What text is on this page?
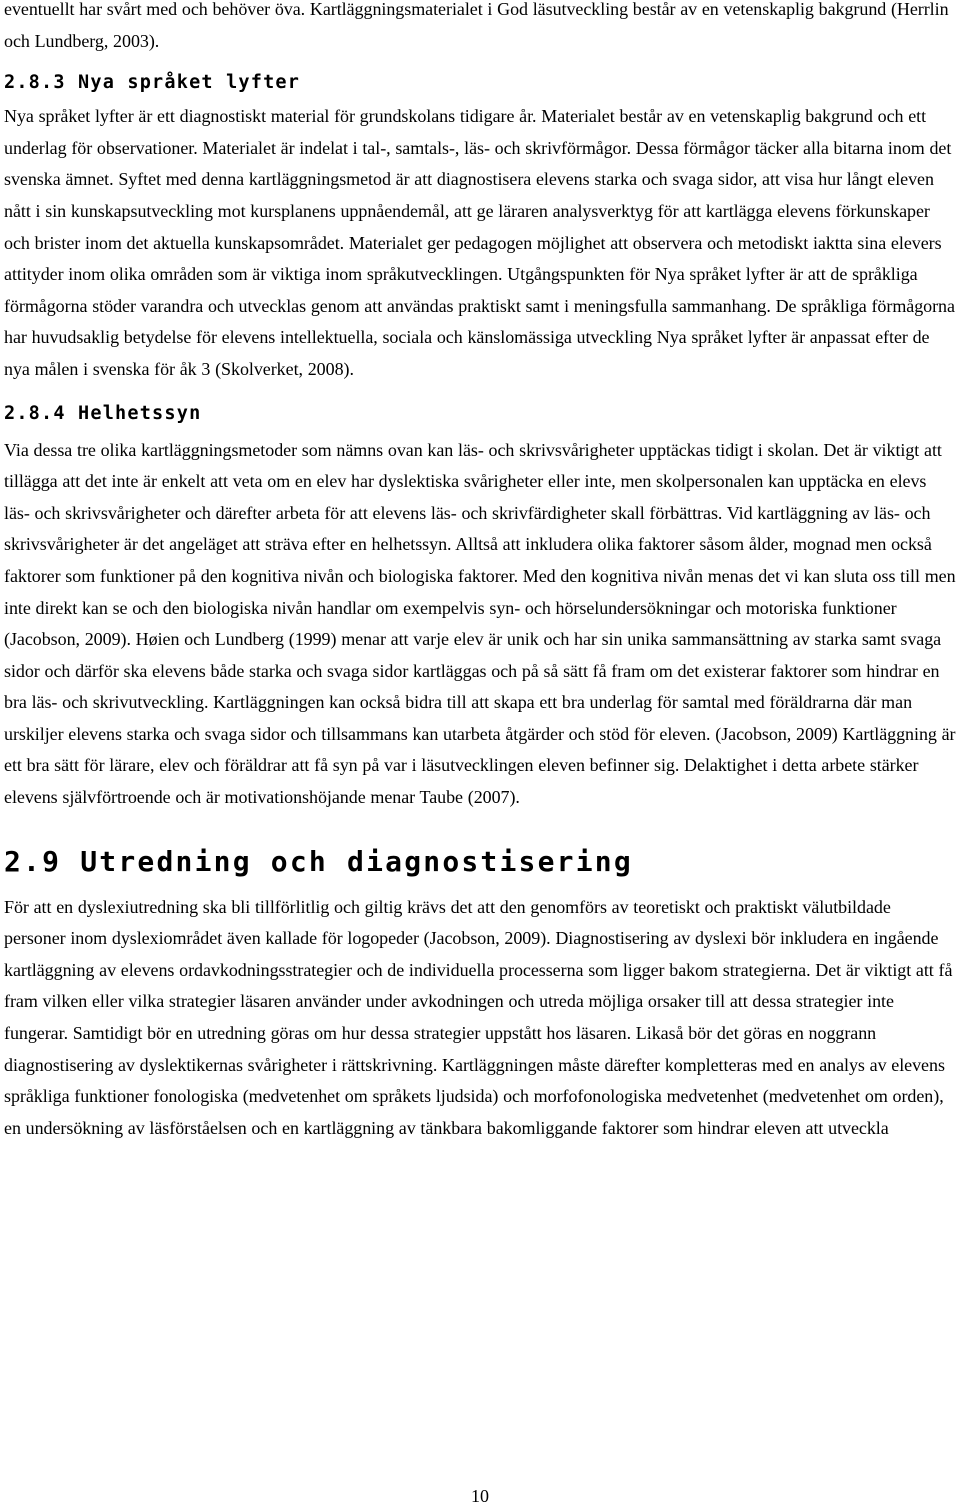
eventuellt har svårt med och behöver öva. Kartläggningsmaterialet i God läsutveckling består av en vetenskaplig bakgrund (Herrlin och Lundberg, 2003).

2.8.3 Nya språket lyfter

Nya språket lyfter är ett diagnostiskt material för grundskolans tidigare år. Materialet består av en vetenskaplig bakgrund och ett underlag för observationer. Materialet är indelat i tal-, samtals-, läs- och skrivförmågor. Dessa förmågor täcker alla bitarna inom det svenska ämnet. Syftet med denna kartläggningsmetod är att diagnostisera elevens starka och svaga sidor, att visa hur långt eleven nått i sin kunskapsutveckling mot kursplanens uppnåendemål, att ge läraren analysverktyg för att kartlägga elevens förkunskaper och brister inom det aktuella kunskapsområdet. Materialet ger pedagogen möjlighet att observera och metodiskt iaktta sina elevers attityder inom olika områden som är viktiga inom språkutvecklingen. Utgångspunkten för Nya språket lyfter är att de språkliga förmågorna stöder varandra och utvecklas genom att användas praktiskt samt i meningsfulla sammanhang. De språkliga förmågorna har huvudsaklig betydelse för elevens intellektuella, sociala och känslomässiga utveckling Nya språket lyfter är anpassat efter de nya målen i svenska för åk 3 (Skolverket, 2008).

2.8.4 Helhetssyn

Via dessa tre olika kartläggningsmetoder som nämns ovan kan läs- och skrivsvårigheter upptäckas tidigt i skolan. Det är viktigt att tillägga att det inte är enkelt att veta om en elev har dyslektiska svårigheter eller inte, men skolpersonalen kan upptäcka en elevs läs- och skrivsvårigheter och därefter arbeta för att elevens läs- och skrivfärdigheter skall förbättras. Vid kartläggning av läs- och skrivsvårigheter är det angeläget att sträva efter en helhetssyn. Alltså att inkludera olika faktorer såsom ålder, mognad men också faktorer som funktioner på den kognitiva nivån och biologiska faktorer. Med den kognitiva nivån menas det vi kan sluta oss till men inte direkt kan se och den biologiska nivån handlar om exempelvis syn- och hörselundersökningar och motoriska funktioner (Jacobson, 2009). Høien och Lundberg (1999) menar att varje elev är unik och har sin unika sammansättning av starka samt svaga sidor och därför ska elevens både starka och svaga sidor kartläggas och på så sätt få fram om det existerar faktorer som hindrar en bra läs- och skrivutveckling. Kartläggningen kan också bidra till att skapa ett bra underlag för samtal med föräldrarna där man urskiljer elevens starka och svaga sidor och tillsammans kan utarbeta åtgärder och stöd för eleven. (Jacobson, 2009) Kartläggning är ett bra sätt för lärare, elev och föräldrar att få syn på var i läsutvecklingen eleven befinner sig. Delaktighet i detta arbete stärker elevens självförtroende och är motivationshöjande menar Taube (2007).

2.9 Utredning och diagnostisering

För att en dyslexiutredning ska bli tillförlitlig och giltig krävs det att den genomförs av teoretiskt och praktiskt välutbildade personer inom dyslexiområdet även kallade för logopeder (Jacobson, 2009). Diagnostisering av dyslexi bör inkludera en ingående kartläggning av elevens ordavkodningsstrategier och de individuella processerna som ligger bakom strategierna. Det är viktigt att få fram vilken eller vilka strategier läsaren använder under avkodningen och utreda möjliga orsaker till att dessa strategier inte fungerar. Samtidigt bör en utredning göras om hur dessa strategier uppstått hos läsaren. Likaså bör det göras en noggrann diagnostisering av dyslektikernas svårigheter i rättskrivning. Kartläggningen måste därefter kompletteras med en analys av elevens språkliga funktioner fonologiska (medvetenhet om språkets ljudsida) och morfofonologiska medvetenhet (medvetenhet om orden), en undersökning av läsförståelsen och en kartläggning av tänkbara bakomliggande faktorer som hindrar eleven att utveckla

10
